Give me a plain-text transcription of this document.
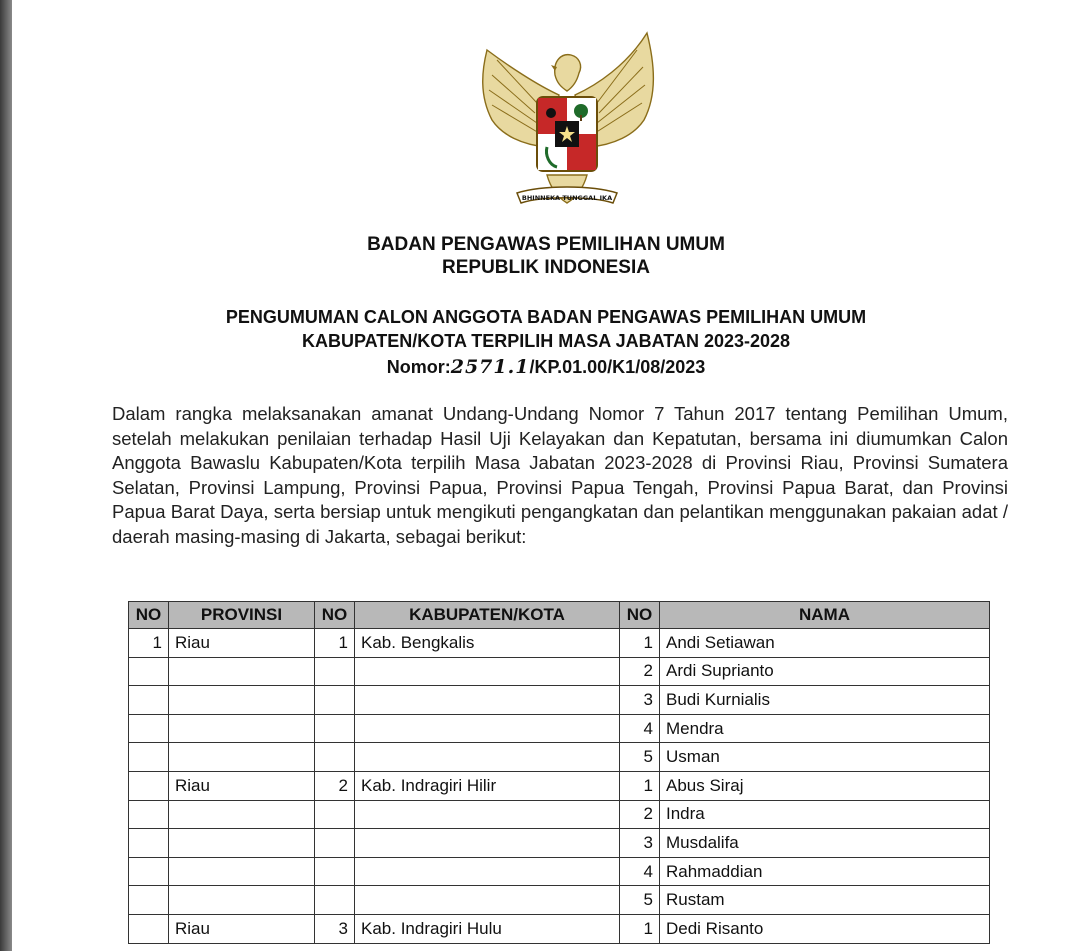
BHINNEKA TUNGGAL IKA
BADAN PENGAWAS PEMILIHAN UMUM
REPUBLIK INDONESIA
PENGUMUMAN CALON ANGGOTA BADAN PENGAWAS PEMILIHAN UMUM
KABUPATEN/KOTA TERPILIH MASA JABATAN 2023-2028
Nomor:2571.1/KP.01.00/K1/08/2023
Dalam rangka melaksanakan amanat Undang-Undang Nomor 7 Tahun 2017 tentang Pemilihan Umum, setelah melakukan penilaian terhadap Hasil Uji Kelayakan dan Kepatutan, bersama ini diumumkan Calon Anggota Bawaslu Kabupaten/Kota terpilih Masa Jabatan 2023-2028 di Provinsi Riau, Provinsi Sumatera Selatan, Provinsi Lampung, Provinsi Papua, Provinsi Papua Tengah, Provinsi Papua Barat, dan Provinsi Papua Barat Daya, serta bersiap untuk mengikuti pengangkatan dan pelantikan menggunakan pakaian adat / daerah masing-masing di Jakarta, sebagai berikut:
NO	PROVINSI	NO	KABUPATEN/KOTA	NO	NAMA
1	Riau	1	Kab. Bengkalis	1	Andi Setiawan
				2	Ardi Suprianto
				3	Budi Kurnialis
				4	Mendra
				5	Usman
	Riau	2	Kab. Indragiri Hilir	1	Abus Siraj
				2	Indra
				3	Musdalifa
				4	Rahmaddian
				5	Rustam
	Riau	3	Kab. Indragiri Hulu	1	Dedi Risanto
